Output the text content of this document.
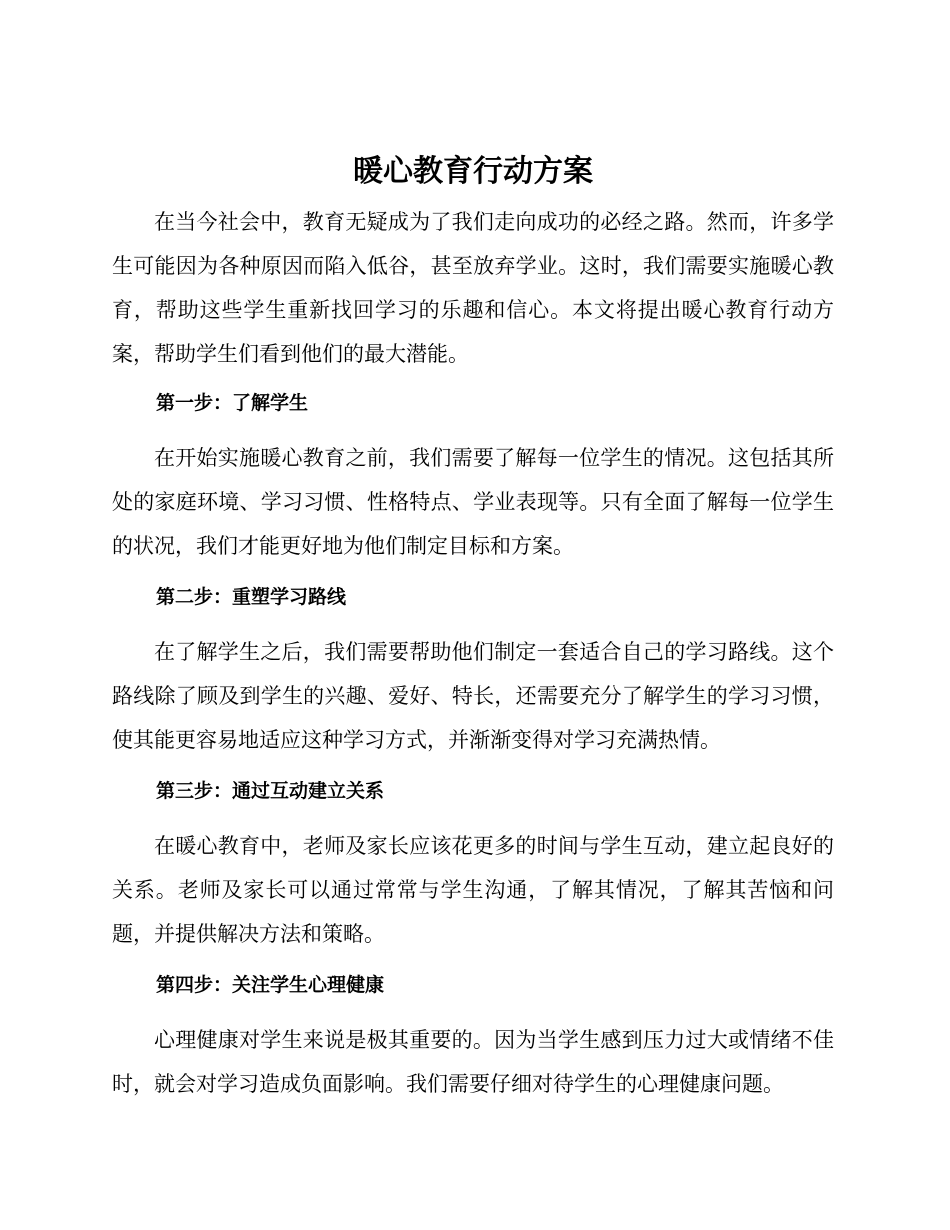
暖心教育行动方案

在当今社会中，教育无疑成为了我们走向成功的必经之路。然而，许多学生可能因为各种原因而陷入低谷，甚至放弃学业。这时，我们需要实施暖心教育，帮助这些学生重新找回学习的乐趣和信心。本文将提出暖心教育行动方案，帮助学生们看到他们的最大潜能。

第一步：了解学生

在开始实施暖心教育之前，我们需要了解每一位学生的情况。这包括其所处的家庭环境、学习习惯、性格特点、学业表现等。只有全面了解每一位学生的状况，我们才能更好地为他们制定目标和方案。

第二步：重塑学习路线

在了解学生之后，我们需要帮助他们制定一套适合自己的学习路线。这个路线除了顾及到学生的兴趣、爱好、特长，还需要充分了解学生的学习习惯，使其能更容易地适应这种学习方式，并渐渐变得对学习充满热情。

第三步：通过互动建立关系

在暖心教育中，老师及家长应该花更多的时间与学生互动，建立起良好的关系。老师及家长可以通过常常与学生沟通，了解其情况，了解其苦恼和问题，并提供解决方法和策略。

第四步：关注学生心理健康

心理健康对学生来说是极其重要的。因为当学生感到压力过大或情绪不佳时，就会对学习造成负面影响。我们需要仔细对待学生的心理健康问题。
